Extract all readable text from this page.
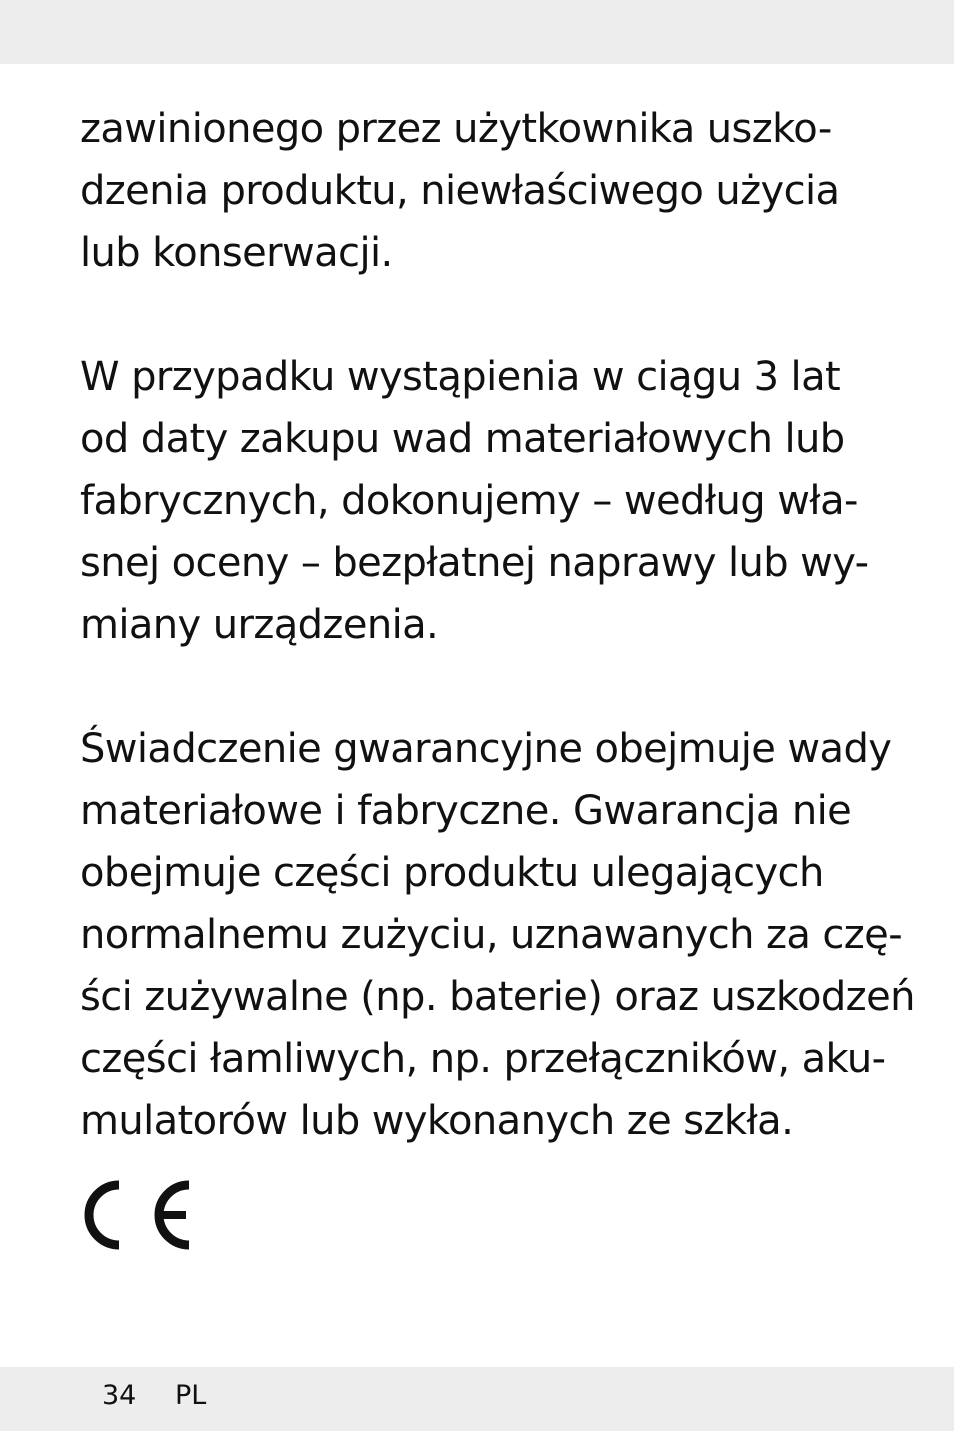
zawinionego przez użytkownika uszko-
dzenia produktu, niewłaściwego użycia
lub konserwacji.

W przypadku wystąpienia w ciągu 3 lat
od daty zakupu wad materiałowych lub
fabrycznych, dokonujemy – według wła-
snej oceny – bezpłatnej naprawy lub wy-
miany urządzenia.

Świadczenie gwarancyjne obejmuje wady
materiałowe i fabryczne. Gwarancja nie
obejmuje części produktu ulegających
normalnemu zużyciu, uznawanych za czę-
ści zużywalne (np. baterie) oraz uszkodzeń
części łamliwych, np. przełączników, aku-
mulatorów lub wykonanych ze szkła.

34 PL
